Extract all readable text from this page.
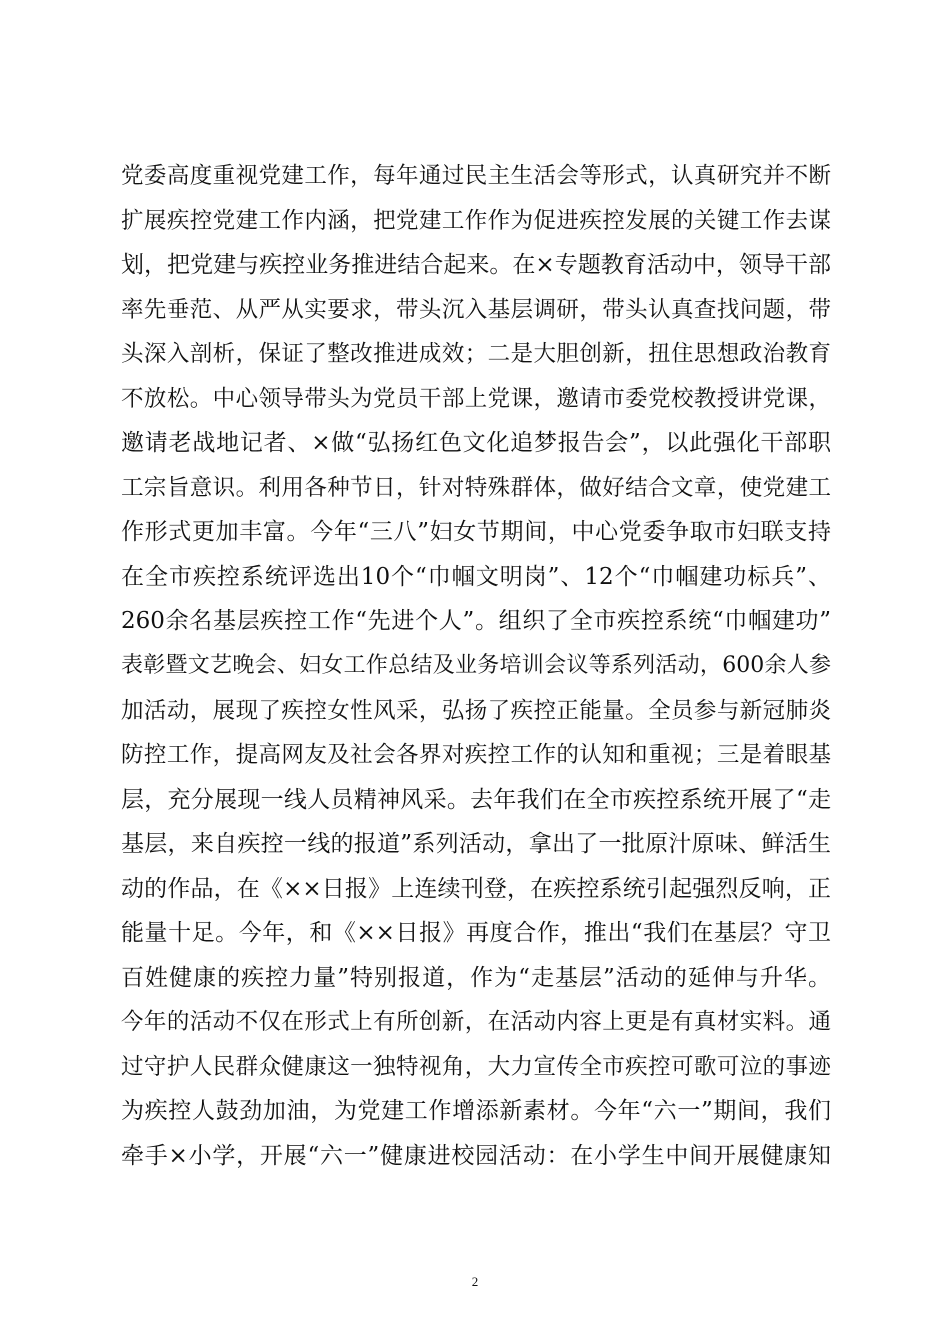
党委高度重视党建工作，每年通过民主生活会等形式，认真研究并不断
扩展疾控党建工作内涵，把党建工作作为促进疾控发展的关键工作去谋
划，把党建与疾控业务推进结合起来。在×专题教育活动中，领导干部
率先垂范、从严从实要求，带头沉入基层调研，带头认真查找问题，带
头深入剖析，保证了整改推进成效；二是大胆创新，扭住思想政治教育
不放松。中心领导带头为党员干部上党课，邀请市委党校教授讲党课，
邀请老战地记者、×做“弘扬红色文化追梦报告会”，以此强化干部职
工宗旨意识。利用各种节日，针对特殊群体，做好结合文章，使党建工
作形式更加丰富。今年“三八”妇女节期间，中心党委争取市妇联支持
在全市疾控系统评选出10个“巾帼文明岗”、12个“巾帼建功标兵”、
260余名基层疾控工作“先进个人”。组织了全市疾控系统“巾帼建功”
表彰暨文艺晚会、妇女工作总结及业务培训会议等系列活动，600余人参
加活动，展现了疾控女性风采，弘扬了疾控正能量。全员参与新冠肺炎
防控工作，提高网友及社会各界对疾控工作的认知和重视；三是着眼基
层，充分展现一线人员精神风采。去年我们在全市疾控系统开展了“走
基层，来自疾控一线的报道”系列活动，拿出了一批原汁原味、鲜活生
动的作品，在《××日报》上连续刊登，在疾控系统引起强烈反响，正
能量十足。今年，和《××日报》再度合作，推出“我们在基层？守卫
百姓健康的疾控力量”特别报道，作为“走基层”活动的延伸与升华。
今年的活动不仅在形式上有所创新，在活动内容上更是有真材实料。通
过守护人民群众健康这一独特视角，大力宣传全市疾控可歌可泣的事迹
为疾控人鼓劲加油，为党建工作增添新素材。今年“六一”期间，我们
牵手×小学，开展“六一”健康进校园活动：在小学生中间开展健康知
2
